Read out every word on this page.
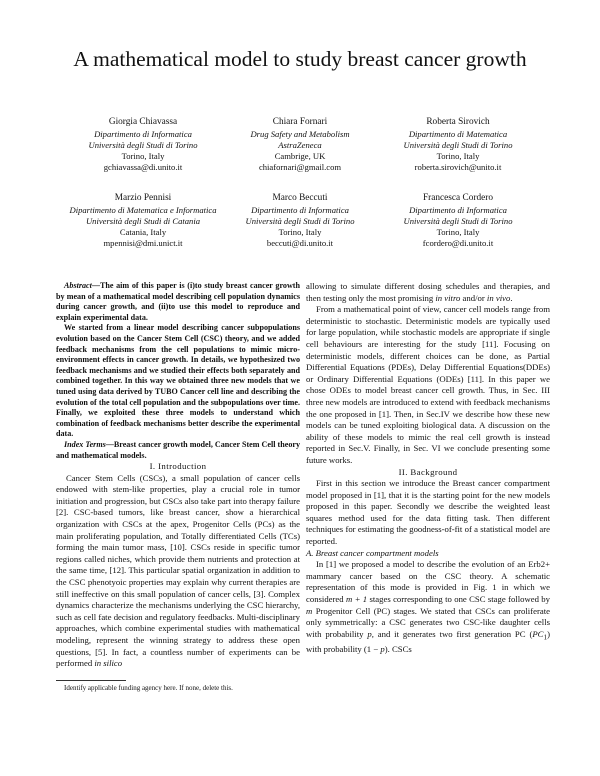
A mathematical model to study breast cancer growth
Giorgia Chiavassa
Dipartimento di Informatica
Università degli Studi di Torino
Torino, Italy
gchiavassa@di.unito.it
Chiara Fornari
Drug Safety and Metabolism
AstraZeneca
Cambrige, UK
chiafornari@gmail.com
Roberta Sirovich
Dipartimento di Matematica
Università degli Studi di Torino
Torino, Italy
roberta.sirovich@unito.it
Marzio Pennisi
Dipartimento di Matematica e Informatica
Università degli Studi di Catania
Catania, Italy
mpennisi@dmi.unict.it
Marco Beccuti
Dipartimento di Informatica
Università degli Studi di Torino
Torino, Italy
beccuti@di.unito.it
Francesca Cordero
Dipartimento di Informatica
Università degli Studi di Torino
Torino, Italy
fcordero@di.unito.it

Abstract—The aim of this paper is (i)to study breast cancer growth by mean of a mathematical model describing cell population dynamics during cancer growth, and (ii)to use this model to reproduce and explain experimental data.

We started from a linear model describing cancer subpopulations evolution based on the Cancer Stem Cell (CSC) theory, and we added feedback mechanisms from the cell populations to mimic micro- environment effects in cancer growth. In details, we hypothesized two feedback mechanisms and we studied their effects both separately and combined together. In this way we obtained three new models that we tuned using data derived by TUBO Cancer cell line and describing the evolution of the total cell population and the subpopulations over time. Finally, we exploited these three models to understand which combination of feedback mechanisms better describe the experimental data.

Index Terms—Breast cancer growth model, Cancer Stem Cell theory and mathematical models.

I. Introduction

Cancer Stem Cells (CSCs), a small population of cancer cells endowed with stem-like properties, play a crucial role in tumor initiation and progression, but CSCs also take part into therapy failure [2]. CSC-based tumors, like breast cancer, show a hierarchical organization with CSCs at the apex, Progenitor Cells (PCs) as the main proliferating population, and Totally differentiated Cells (TCs) forming the main tumor mass, [10]. CSCs reside in specific tumor regions called niches, which provide them nutrients and protection at the same time, [12]. This particular spatial organization in addition to the CSC phenotyoic properties may explain why current therapies are still ineffective on this small population of cancer cells, [3]. Complex dynamics characterize the mechanisms underlying the CSC hierarchy, such as cell fate decision and regulatory feedbacks. Multi-disciplinary approaches, which combine experimental studies with mathematical modeling, represent the winning strategy to address these open questions, [5]. In fact, a countless number of experiments can be performed in silico

Identify applicable funding agency here. If none, delete this.

allowing to simulate different dosing schedules and therapies, and then testing only the most promising in vitro and/or in vivo.

From a mathematical point of view, cancer cell models range from deterministic to stochastic. Deterministic models are typically used for large population, while stochastic models are appropriate if single cell behaviours are interesting for the study [11]. Focusing on deterministic models, different choices can be done, as Partial Differential Equations (PDEs), Delay Differential Equations(DDEs) or Ordinary Differential Equations (ODEs) [11]. In this paper we chose ODEs to model breast cancer cell growth. Thus, in Sec. III three new models are introduced to extend with feedback mechanisms the one proposed in [1]. Then, in Sec.IV we describe how these new models can be tuned exploiting biological data. A discussion on the ability of these models to mimic the real cell growth is instead reported in Sec.V. Finally, in Sec. VI we conclude presenting some future works.

II. Background

First in this section we introduce the Breast cancer compartment model proposed in [1], that it is the starting point for the new models proposed in this paper. Secondly we describe the weighted least squares method used for the data fitting task. Then different techniques for estimating the goodness-of-fit of a statistical model are reported.

A. Breast cancer compartment models

In [1] we proposed a model to describe the evolution of an Erb2+ mammary cancer based on the CSC theory. A schematic representation of this mode is provided in Fig. 1 in which we considered m + 1 stages corresponding to one CSC stage followed by m Progenitor Cell (PC) stages. We stated that CSCs can proliferate only symmetrically: a CSC generates two CSC-like daughter cells with probability p, and it generates two first generation PC $(PC_1)$ with probability (1 − p). CSCs
